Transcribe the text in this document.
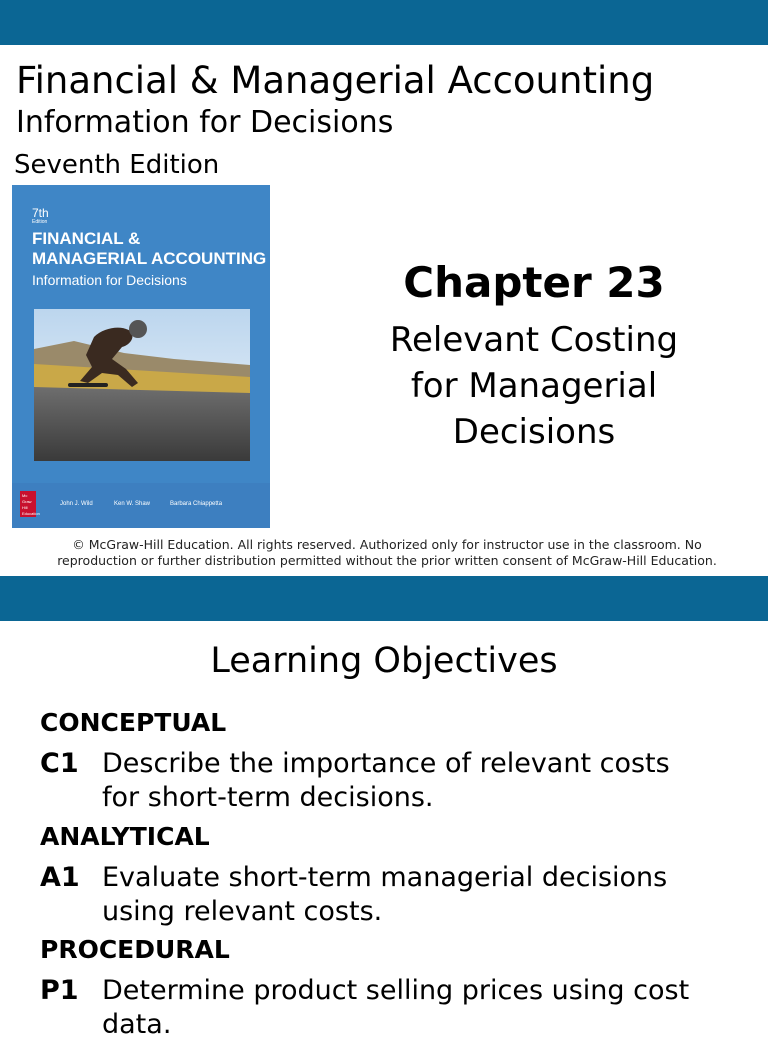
Financial & Managerial Accounting
Information for Decisions
Seventh Edition
7th
Edition
FINANCIAL &
MANAGERIAL ACCOUNTING
Information for Decisions
Mc Graw Hill Education
John J. Wild	Ken W. Shaw	Barbara Chiappetta
Chapter 23
Relevant Costing
for Managerial
Decisions
© McGraw-Hill Education. All rights reserved. Authorized only for instructor use in the classroom. No
reproduction or further distribution permitted without the prior written consent of McGraw-Hill Education.
Learning Objectives
CONCEPTUAL
C1 Describe the importance of relevant costs
for short-term decisions.
ANALYTICAL
A1 Evaluate short-term managerial decisions
using relevant costs.
PROCEDURAL
P1 Determine product selling prices using cost
data.
